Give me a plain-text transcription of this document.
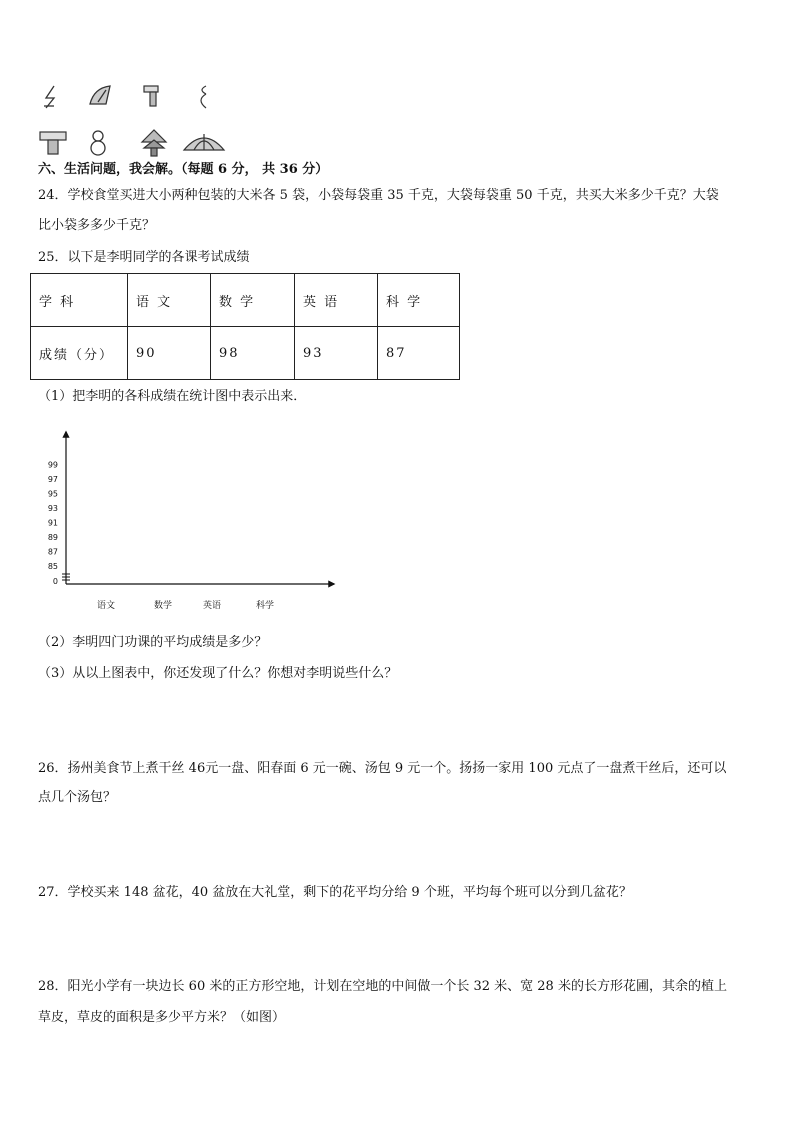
六、生活问题，我会解。（每题 6 分， 共 36 分）
24．学校食堂买进大小两种包装的大米各 5 袋，小袋每袋重 35 千克，大袋每袋重 50 千克，共买大米多少千克？大袋
比小袋多多少千克？
25．以下是李明同学的各课考试成绩
学 科	语 文	数 学	英 语	科 学
成绩（分）	90	98	93	87
（1）把李明的各科成绩在统计图中表示出来．
0
85
87
89
91
93
95
97
99
语文	数学	英语	科学
（2）李明四门功课的平均成绩是多少？
（3）从以上图表中，你还发现了什么？你想对李明说些什么？
26．扬州美食节上煮干丝 46元一盘、阳春面 6 元一碗、汤包 9 元一个。扬扬一家用 100 元点了一盘煮干丝后，还可以
点几个汤包？
27．学校买来 148 盆花，40 盆放在大礼堂，剩下的花平均分给 9 个班，平均每个班可以分到几盆花？
28．阳光小学有一块边长 60 米的正方形空地，计划在空地的中间做一个长 32 米、宽 28 米的长方形花圃，其余的植上
草皮，草皮的面积是多少平方米？（如图）
